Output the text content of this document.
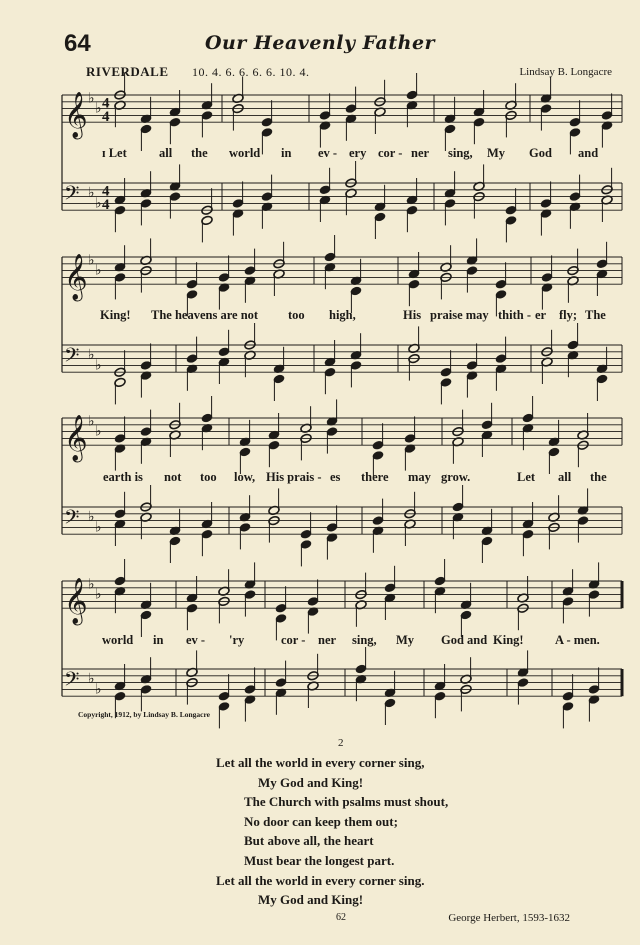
64	Our Heavenly Father
RIVERDALE 10. 4. 6. 6. 6. 6. 10. 4.	Lindsay B. Longacre
𝄞 ♭
♭ 4
4
𝄢 ♭
♭
4
4
𝄞 ♭
♭
𝄢 ♭
♭
𝄞 ♭
♭
𝄢 ♭
♭
𝄞 ♭
♭
𝄢 ♭
♭
ɪ Let	all the world in ev - ery cor - ner sing, My God and
King! The heavens are not too high,	His praise may thith - er fly; The
earth is not too low, His prais - es there may grow.	Let all the
world in ev - 'ry	cor - ner sing, My God and King!	A - men.
Copyright, 1912, by Lindsay B. Longacre
2
Let all the world in every corner sing,
My God and King!
The Church with psalms must shout,
No door can keep them out;
But above all, the heart
Must bear the longest part.
Let all the world in every corner sing.
My God and King!
62	George Herbert, 1593-1632
